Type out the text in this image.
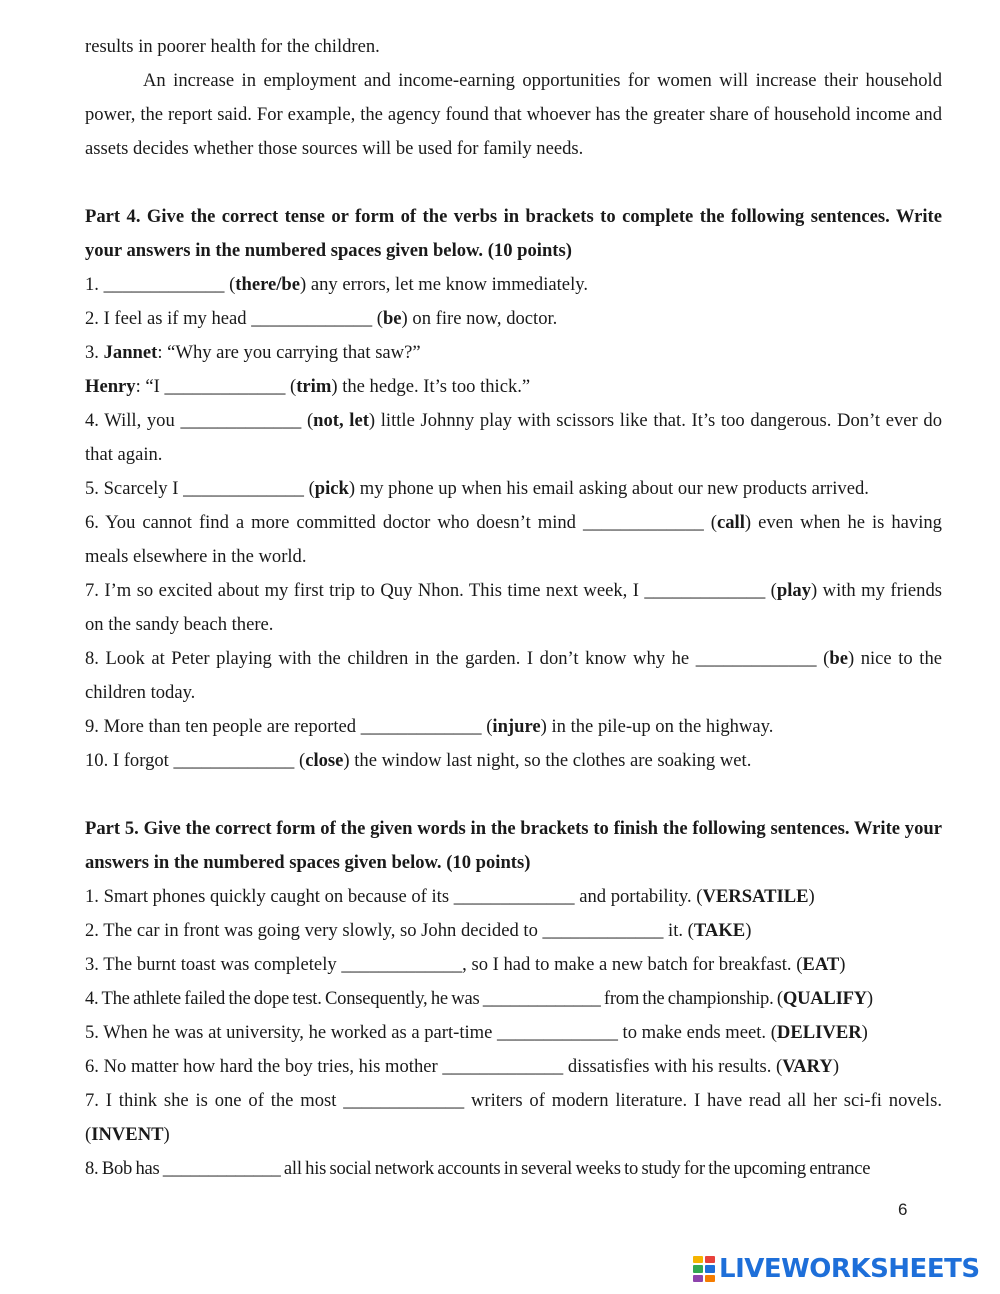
results in poorer health for the children.

An increase in employment and income-earning opportunities for women will increase their household power, the report said. For example, the agency found that whoever has the greater share of household income and assets decides whether those sources will be used for family needs.

Part 4. Give the correct tense or form of the verbs in brackets to complete the following sentences. Write your answers in the numbered spaces given below. (10 points)

1. _____________ (there/be) any errors, let me know immediately.

2. I feel as if my head _____________ (be) on fire now, doctor.

3. Jannet: “Why are you carrying that saw?”

Henry: “I _____________ (trim) the hedge. It’s too thick.”

4. Will, you _____________ (not, let) little Johnny play with scissors like that. It’s too dangerous. Don’t ever do that again.

5. Scarcely I _____________ (pick) my phone up when his email asking about our new products arrived.

6. You cannot find a more committed doctor who doesn’t mind _____________ (call) even when he is having meals elsewhere in the world.

7. I’m so excited about my first trip to Quy Nhon. This time next week, I _____________ (play) with my friends on the sandy beach there.

8. Look at Peter playing with the children in the garden. I don’t know why he _____________ (be) nice to the children today.

9. More than ten people are reported _____________ (injure) in the pile-up on the highway.

10. I forgot _____________ (close) the window last night, so the clothes are soaking wet.

Part 5. Give the correct form of the given words in the brackets to finish the following sentences. Write your answers in the numbered spaces given below. (10 points)

1. Smart phones quickly caught on because of its _____________ and portability. (VERSATILE)

2. The car in front was going very slowly, so John decided to _____________ it. (TAKE)

3. The burnt toast was completely _____________, so I had to make a new batch for breakfast. (EAT)

4. The athlete failed the dope test. Consequently, he was _____________ from the championship. (QUALIFY)

5. When he was at university, he worked as a part-time _____________ to make ends meet. (DELIVER)

6. No matter how hard the boy tries, his mother _____________ dissatisfies with his results. (VARY)

7. I think she is one of the most _____________ writers of modern literature. I have read all her sci-fi novels. (INVENT)

8. Bob has _____________ all his social network accounts in several weeks to study for the upcoming entrance

6
LIVEWORKSHEETS
